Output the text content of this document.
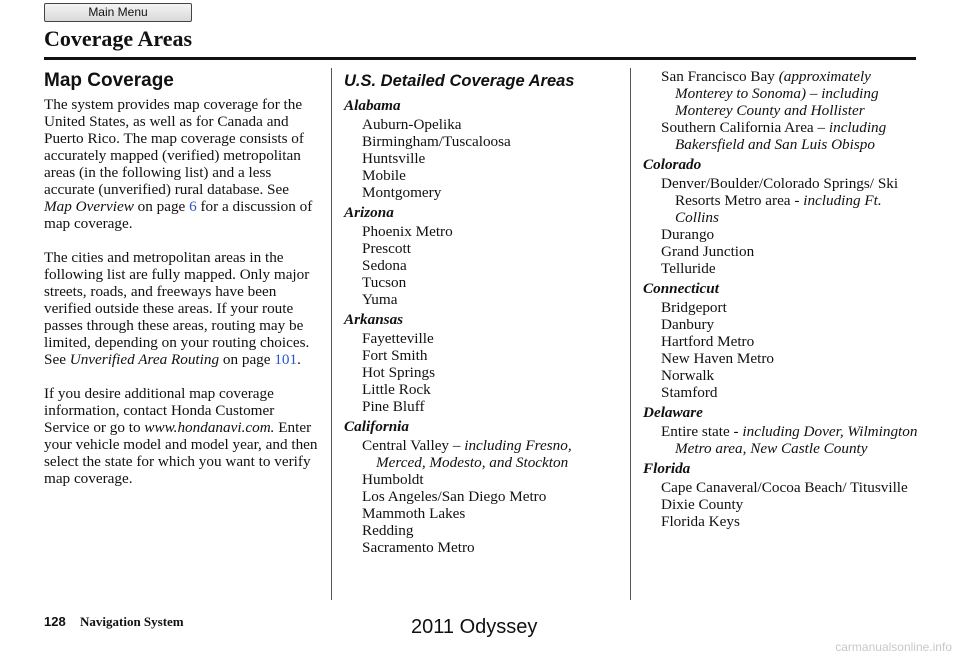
Main Menu
Coverage Areas
Map Coverage

The system provides map coverage for the United States, as well as for Canada and Puerto Rico. The map coverage consists of accurately mapped (verified) metropolitan areas (in the following list) and a less accurate (unverified) rural database. See Map Overview on page 6 for a discussion of map coverage.

The cities and metropolitan areas in the following list are fully mapped. Only major streets, roads, and freeways have been verified outside these areas. If your route passes through these areas, routing may be limited, depending on your routing choices. See Unverified Area Routing on page 101.

If you desire additional map coverage information, contact Honda Customer Service or go to www.hondanavi.com. Enter your vehicle model and model year, and then select the state for which you want to verify map coverage.

U.S. Detailed Coverage Areas
Alabama
Auburn-Opelika
Birmingham/Tuscaloosa
Huntsville
Mobile
Montgomery
Arizona
Phoenix Metro
Prescott
Sedona
Tucson
Yuma
Arkansas
Fayetteville
Fort Smith
Hot Springs
Little Rock
Pine Bluff
California
Central Valley – including Fresno, Merced, Modesto, and Stockton
Humboldt
Los Angeles/San Diego Metro
Mammoth Lakes
Redding
Sacramento Metro
San Francisco Bay (approximately Monterey to Sonoma) – including Monterey County and Hollister
Southern California Area – including Bakersfield and San Luis Obispo
Colorado
Denver/Boulder/Colorado Springs/ Ski Resorts Metro area - including Ft. Collins
Durango
Grand Junction
Telluride
Connecticut
Bridgeport
Danbury
Hartford Metro
New Haven Metro
Norwalk
Stamford
Delaware
Entire state - including Dover, Wilmington Metro area, New Castle County
Florida
Cape Canaveral/Cocoa Beach/ Titusville
Dixie County
Florida Keys
128 Navigation System	2011 Odyssey
carmanualsonline.info
